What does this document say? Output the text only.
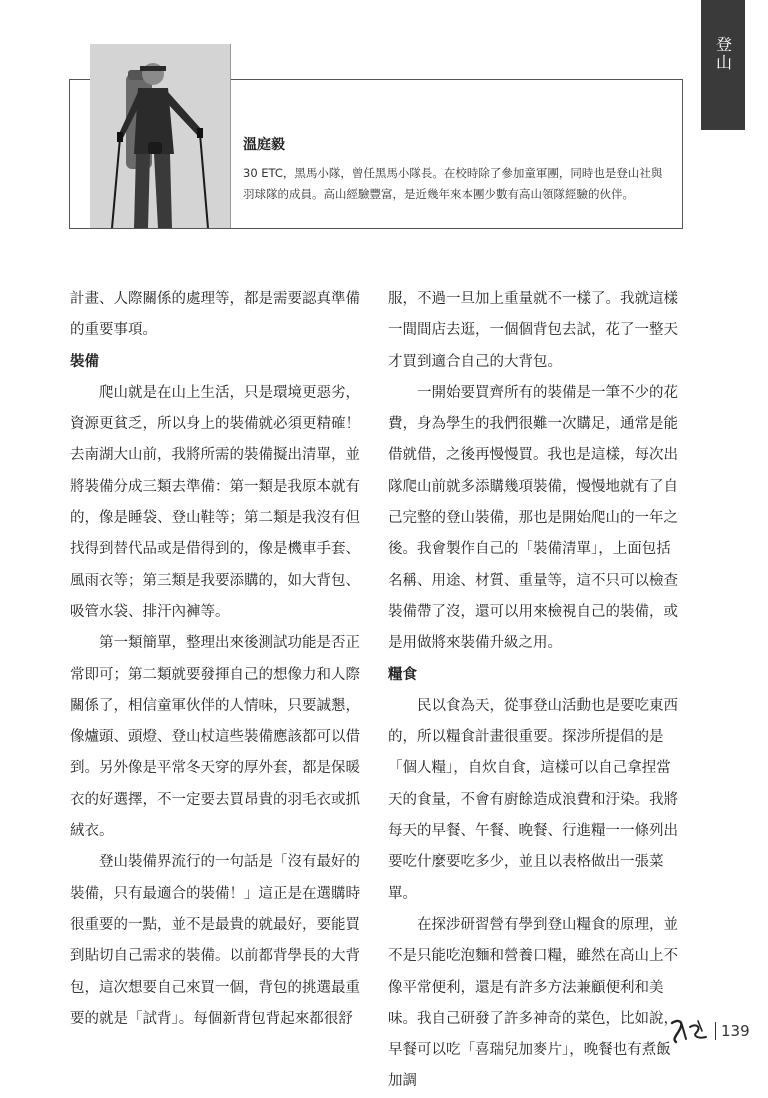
登山
溫庭毅
30 ETC，黑馬小隊，曾任黑馬小隊長。在校時除了參加童軍團，同時也是登山社與羽球隊的成員。高山經驗豐富，是近幾年來本團少數有高山領隊經驗的伙伴。

計畫、人際關係的處理等，都是需要認真準備的重要事項。

裝備

爬山就是在山上生活，只是環境更惡劣，資源更貧乏，所以身上的裝備就必須更精確！去南湖大山前，我將所需的裝備擬出清單，並將裝備分成三類去準備：第一類是我原本就有的，像是睡袋、登山鞋等；第二類是我沒有但找得到替代品或是借得到的，像是機車手套、風雨衣等；第三類是我要添購的，如大背包、吸管水袋、排汗內褲等。

第一類簡單，整理出來後測試功能是否正常即可；第二類就要發揮自己的想像力和人際關係了，相信童軍伙伴的人情味，只要誠懇，像爐頭、頭燈、登山杖這些裝備應該都可以借到。另外像是平常冬天穿的厚外套，都是保暖衣的好選擇，不一定要去買昂貴的羽毛衣或抓絨衣。

登山裝備界流行的一句話是「沒有最好的裝備，只有最適合的裝備！」這正是在選購時很重要的一點，並不是最貴的就最好，要能買到貼切自己需求的裝備。以前都背學長的大背包，這次想要自己來買一個，背包的挑選最重要的就是「試背」。每個新背包背起來都很舒

服，不過一旦加上重量就不一樣了。我就這樣一間間店去逛，一個個背包去試，花了一整天才買到適合自己的大背包。

一開始要買齊所有的裝備是一筆不少的花費，身為學生的我們很難一次購足，通常是能借就借，之後再慢慢買。我也是這樣，每次出隊爬山前就多添購幾項裝備，慢慢地就有了自己完整的登山裝備，那也是開始爬山的一年之後。我會製作自己的「裝備清單」，上面包括名稱、用途、材質、重量等，這不只可以檢查裝備帶了沒，還可以用來檢視自己的裝備，或是用做將來裝備升級之用。

糧食

民以食為天，從事登山活動也是要吃東西的，所以糧食計畫很重要。探涉所提倡的是「個人糧」，自炊自食，這樣可以自己拿捏當天的食量，不會有廚餘造成浪費和汙染。我將每天的早餐、午餐、晚餐、行進糧一一條列出要吃什麼要吃多少，並且以表格做出一張菜單。

在探涉研習營有學到登山糧食的原理，並不是只能吃泡麵和營養口糧，雖然在高山上不像平常便利，還是有許多方法兼顧便利和美味。我自己研發了許多神奇的菜色，比如說，早餐可以吃「喜瑞兒加麥片」，晚餐也有煮飯加調

139
